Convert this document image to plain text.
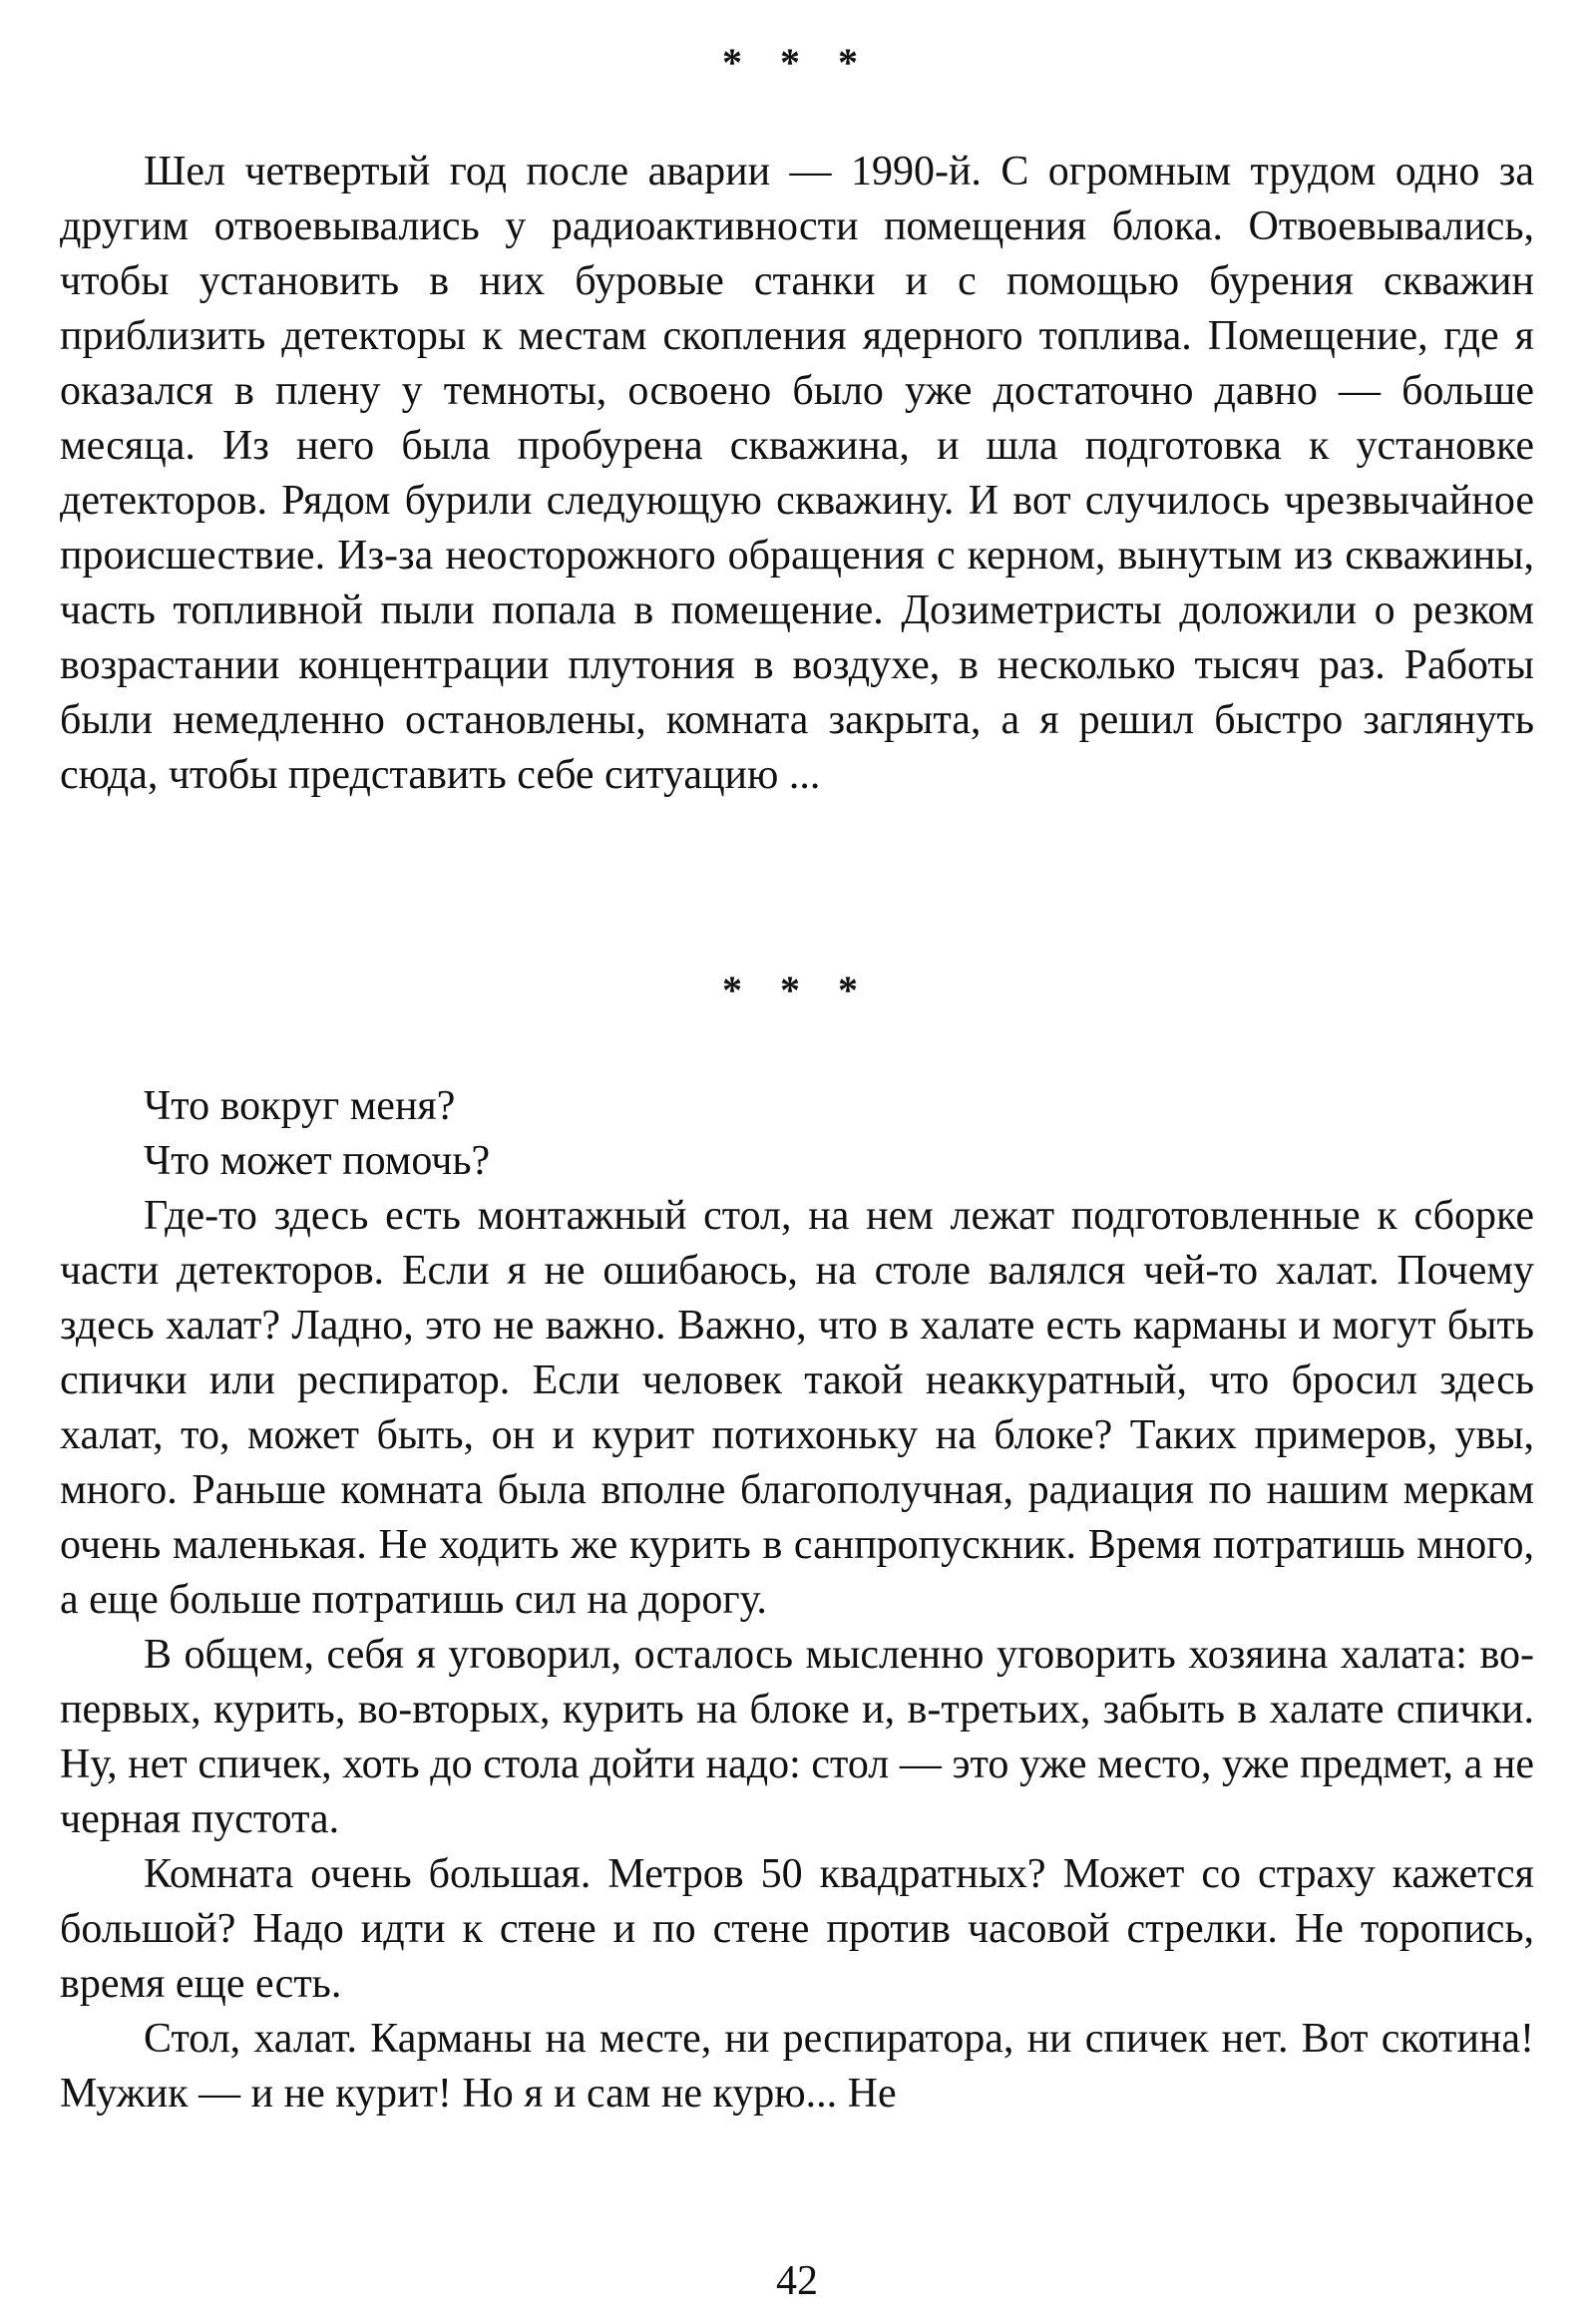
* * *

Шел четвертый год после аварии — 1990-й. С огромным трудом одно за другим отвоевывались у радиоактивности помещения блока. Отвоевывались, чтобы установить в них буровые станки и с помощью бурения скважин приблизить детекторы к местам скопления ядерного топлива. Помещение, где я оказался в плену у темноты, освоено было уже достаточно давно — больше месяца. Из него была пробурена скважина, и шла подготовка к установке детекторов. Рядом бурили следующую скважину. И вот случилось чрезвычайное происшествие. Из-за неосторожного обращения с керном, вынутым из скважины, часть топливной пыли попала в помещение. Дозиметристы доложили о резком возрастании концентрации плутония в воздухе, в несколько тысяч раз. Работы были немедленно остановлены, комната закрыта, а я решил быстро заглянуть сюда, чтобы представить себе ситуацию ...

* * *

Что вокруг меня?

Что может помочь?

Где-то здесь есть монтажный стол, на нем лежат подготовленные к сборке части детекторов. Если я не ошибаюсь, на столе валялся чей-то халат. Почему здесь халат? Ладно, это не важно. Важно, что в халате есть карманы и могут быть спички или респиратор. Если человек такой неаккуратный, что бросил здесь халат, то, может быть, он и курит потихоньку на блоке? Таких примеров, увы, много. Раньше комната была вполне благополучная, радиация по нашим меркам очень маленькая. Не ходить же курить в санпропускник. Время потратишь много, а еще больше потратишь сил на дорогу.

В общем, себя я уговорил, осталось мысленно уговорить хозяина халата: во-первых, курить, во-вторых, курить на блоке и, в-третьих, забыть в халате спички. Ну, нет спичек, хоть до стола дойти надо: стол — это уже место, уже предмет, а не черная пустота.

Комната очень большая. Метров 50 квадратных? Может со страху кажется большой? Надо идти к стене и по стене против часовой стрелки. Не торопись, время еще есть.

Стол, халат. Карманы на месте, ни респиратора, ни спичек нет. Вот скотина! Мужик — и не курит! Но я и сам не курю... Не

42
